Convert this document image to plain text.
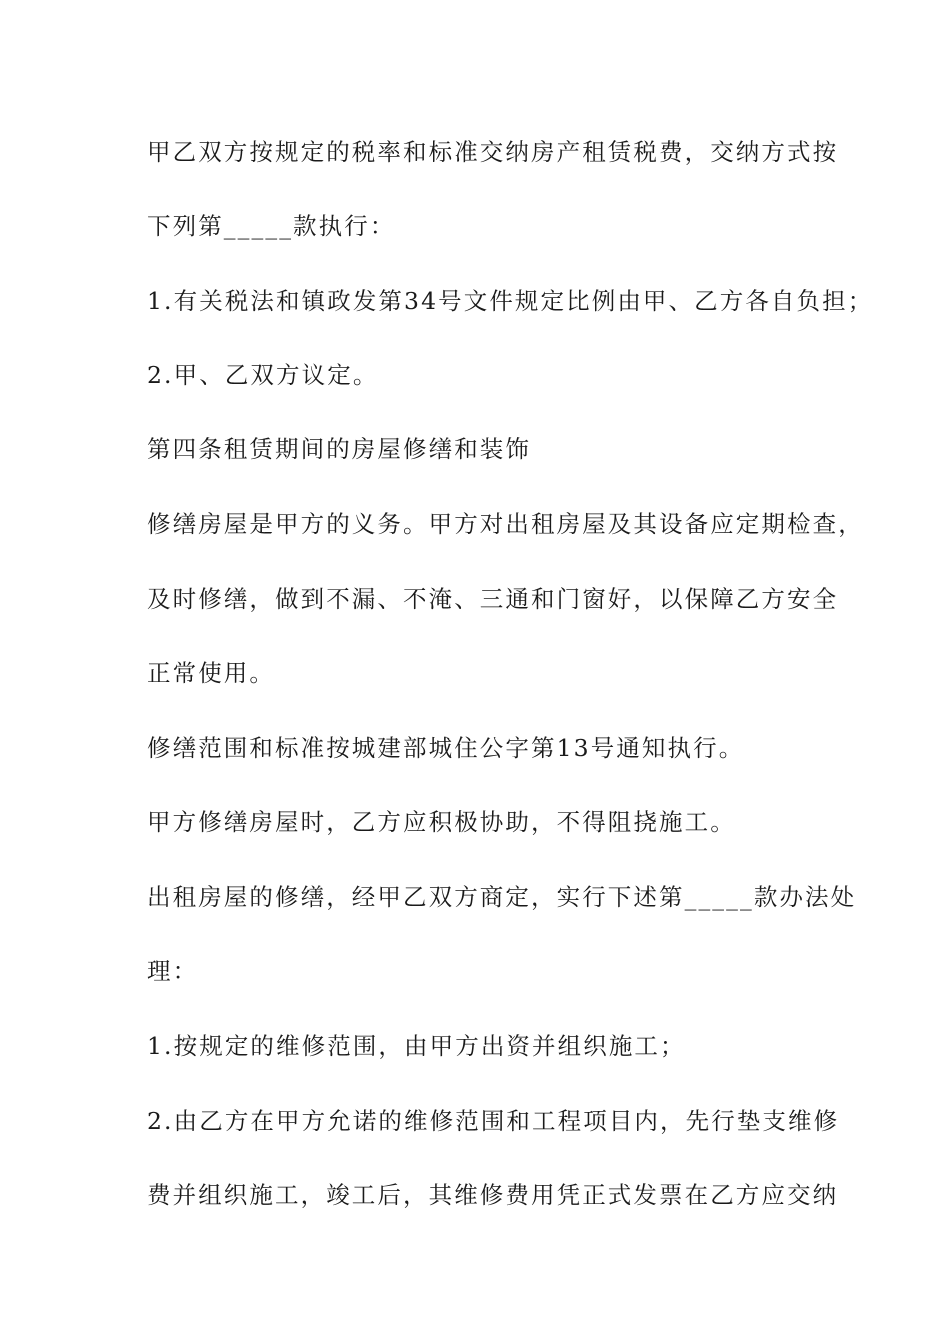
甲乙双方按规定的税率和标准交纳房产租赁税费，交纳方式按

下列第_____款执行：

1.有关税法和镇政发第34号文件规定比例由甲、乙方各自负担；

2.甲、乙双方议定。

第四条租赁期间的房屋修缮和装饰

修缮房屋是甲方的义务。甲方对出租房屋及其设备应定期检查，

及时修缮，做到不漏、不淹、三通和门窗好，以保障乙方安全

正常使用。

修缮范围和标准按城建部城住公字第13号通知执行。

甲方修缮房屋时，乙方应积极协助，不得阻挠施工。

出租房屋的修缮，经甲乙双方商定，实行下述第_____款办法处

理：

1.按规定的维修范围，由甲方出资并组织施工；

2.由乙方在甲方允诺的维修范围和工程项目内，先行垫支维修

费并组织施工，竣工后，其维修费用凭正式发票在乙方应交纳
